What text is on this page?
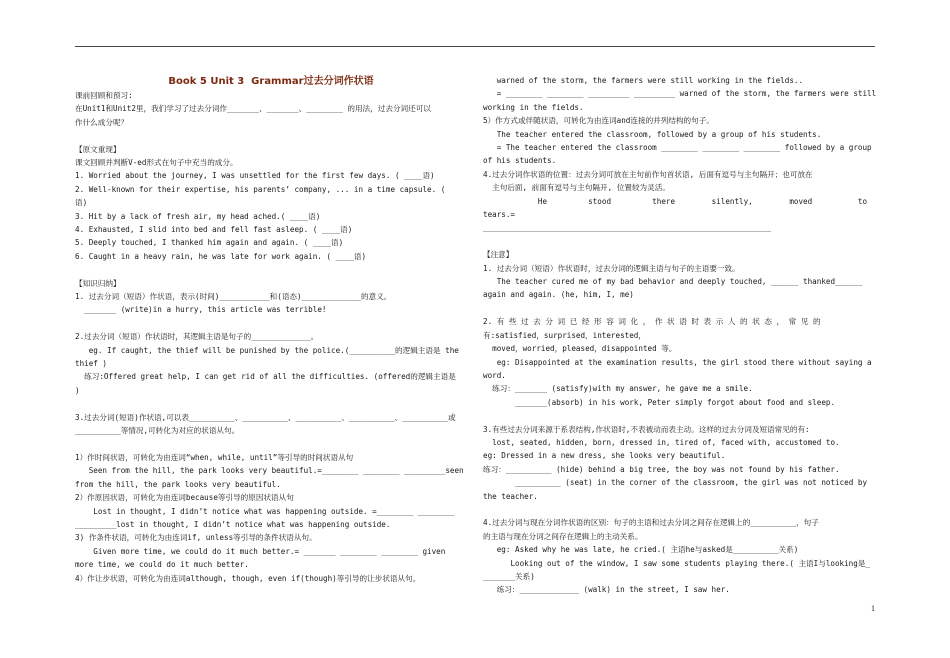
Book 5 Unit 3  Grammar过去分词作状语

课前回顾和预习:

在Unit1和Unit2里，我们学习了过去分词作_______、_______、________ 的用法，过去分词还可以

作什么成分呢？

【原文重现】

课文回顾并判断V-ed形式在句子中充当的成分。

1. Worried about the journey, I was unsettled for the first few days. ( ____语)

2. Well-known for their expertise, his parents’ company, ... in a time capsule. (

语)

3. Hit by a lack of fresh air, my head ached.( ____语)

4. Exhausted, I slid into bed and fell fast asleep. ( ____语)

5. Deeply touched, I thanked him again and again. ( ____语)

6. Caught in a heavy rain, he was late for work again. ( ____语)

【知识归纳】

1. 过去分词（短语）作状语，表示(时间)___________和(语态)_____________的意义。

_______ (write)in a hurry, this article was terrible!

2.过去分词（短语）作状语时，其逻辑主语是句子的_____________。

eg. If caught, the thief will be punished by the police.(__________的逻辑主语是 the

thief )

练习:Offered great help, I can get rid of all the difficulties. (offered的逻辑主语是

)

3.过去分词(短语)作状语,可以表__________、__________、__________、__________、__________或

__________等情况,可转化为对应的状语从句。

1）作时间状语，可转化为由连词“when, while, until”等引导的时间状语从句

Seen from the hill, the park looks very beautiful.=________ ________ _________seen

from the hill, the park looks very beautiful.

2）作原因状语，可转化为由连词because等引导的原因状语从句

Lost in thought, I didn’t notice what was happening outside. =________ ________

_________lost in thought, I didn’t notice what was happening outside.

3) 作条件状语，可转化为由连词if, unless等引导的条件状语从句。

Given more time, we could do it much better.= _______ ________ ________ given

more time, we could do it much better.

4）作让步状语，可转化为由连词although, though, even if(though)等引导的让步状语从句。

warned of the storm, the farmers were still working in the fields..

= ________ ________ _________ _________ warned of the storm, the farmers were still

working in the fields.

5）作方式或伴随状语，可转化为由连词and连接的并列结构的句子。

The teacher entered the classroom, followed by a group of his students.

= The teacher entered the classroom ________ ________ ________ followed by a group

of his students.

4.过去分词作状语的位置：过去分词可放在主句前作句首状语, 后面有逗号与主句隔开；也可放在

主句后面, 前面有逗号与主句隔开, 位置较为灵活。

He         stood         there        silently,        moved          to          tears.=

_______________________________________________________________

【注意】

1. 过去分词（短语）作状语时，过去分词的逻辑主语与句子的主语要一致。

The teacher cured me of my bad behavior and deeply touched, ______ thanked______

again and again. (he, him, I, me)

2. 有 些 过 去 分 词 已 经 形 容 词 化 ， 作 状 语 时 表 示 人 的 状 态 ， 常 见 的

有:satisfied，surprised，interested，

moved，worried，pleased，disappointed 等。

eg: Disappointed at the examination results, the girl stood there without saying a

word.

练习：_______ (satisfy)with my answer, he gave me a smile.

_______(absorb) in his work, Peter simply forgot about food and sleep.

3.有些过去分词来源于系表结构,作状语时,不表被动而表主动。这样的过去分词及短语常见的有:

lost, seated, hidden, born, dressed in, tired of, faced with, accustomed to.

eg: Dressed in a new dress, she looks very beautiful.

练习：__________ (hide) behind a big tree, the boy was not found by his father.

__________ (seat) in the corner of the classroom, the girl was not noticed by

the teacher.

4.过去分词与现在分词作状语的区别：句子的主语和过去分词之间存在逻辑上的__________，句子

的主语与现在分词之间存在逻辑上的主动关系。

eg: Asked why he was late, he cried.( 主语he与asked是__________关系)

Looking out of the window, I saw some students playing there.( 主语I与looking是_

_______关系)

练习：_____________ (walk) in the street, I saw her.

1
